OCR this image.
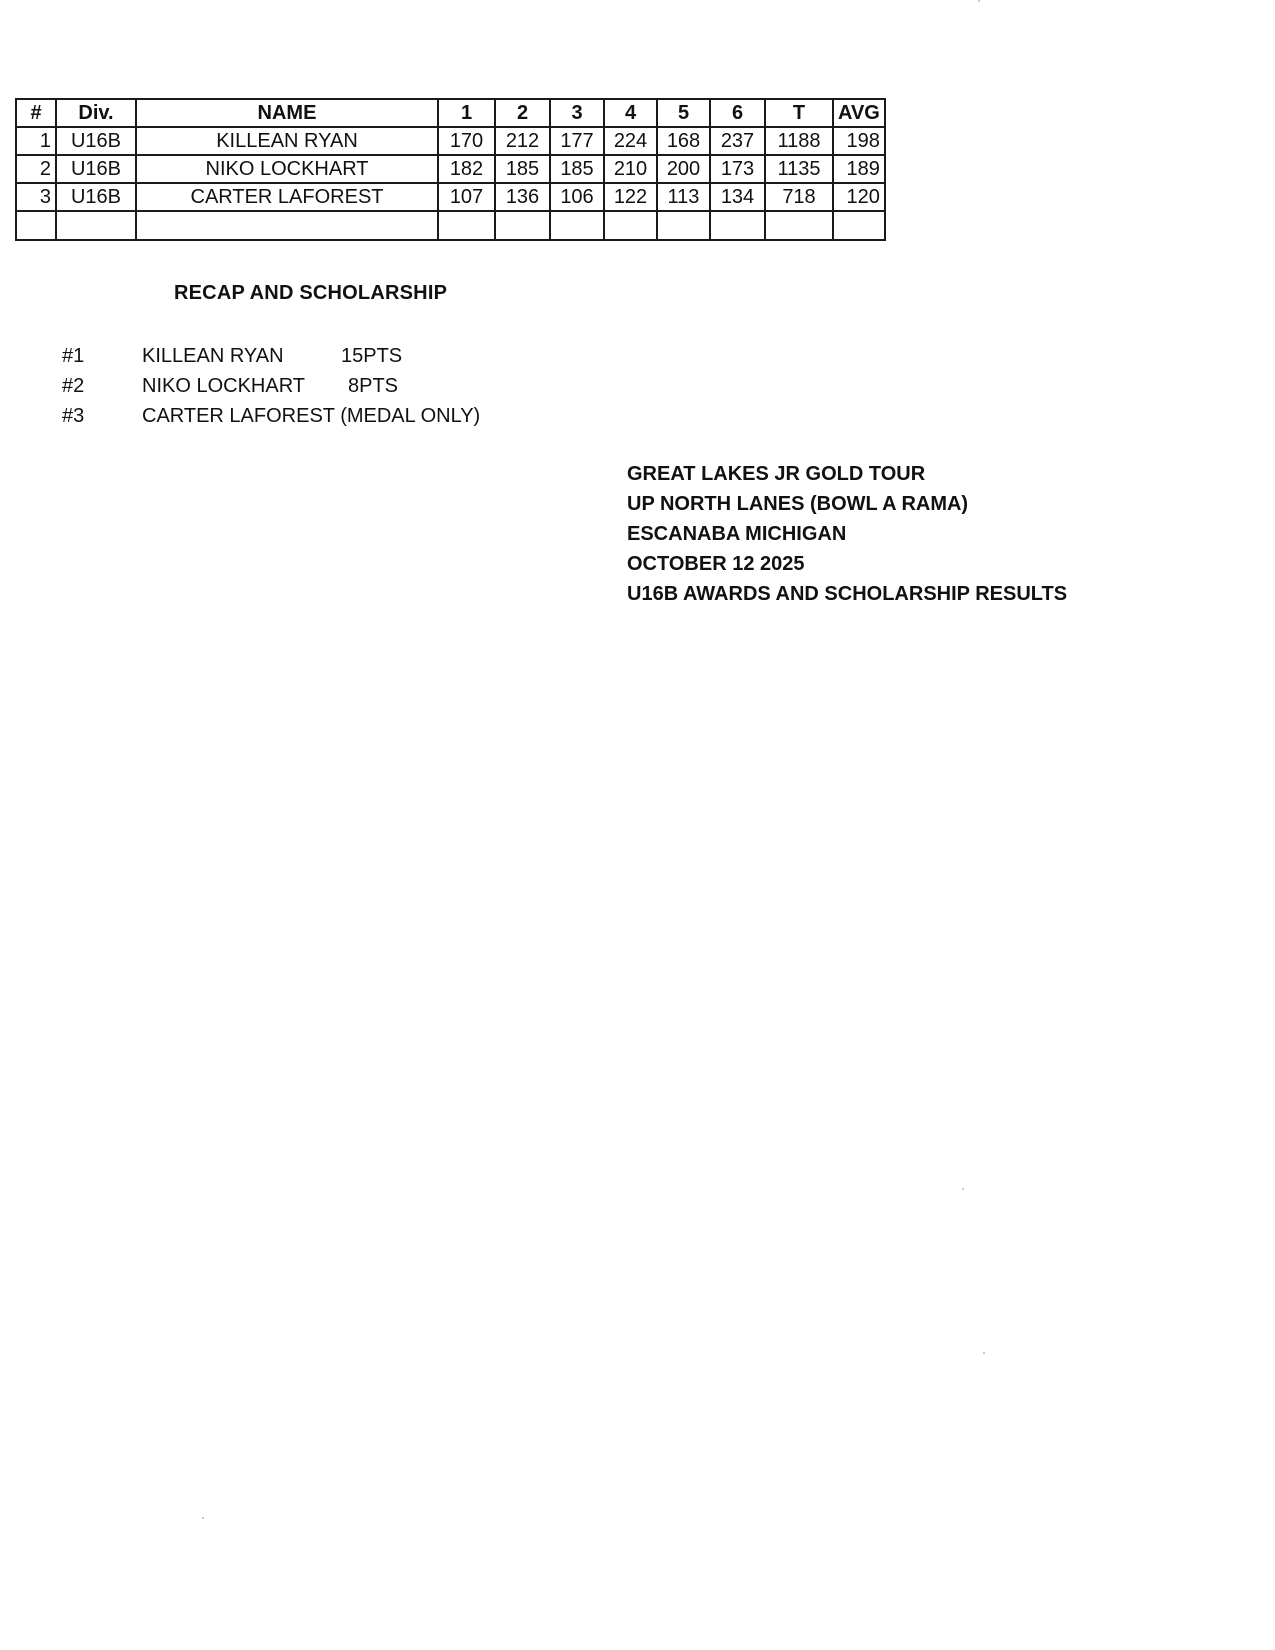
#	Div.	NAME	1	2	3	4	5	6	T	AVG
1	U16B	KILLEAN RYAN	170	212	177	224	168	237	1188	198
2	U16B	NIKO LOCKHART	182	185	185	210	200	173	1135	189
3	U16B	CARTER LAFOREST	107	136	106	122	113	134	718	120

RECAP AND SCHOLARSHIP
#1	KILLEAN RYAN	15PTS
#2	NIKO LOCKHART 8PTS
#3	CARTER LAFOREST (MEDAL ONLY)
GREAT LAKES JR GOLD TOUR
UP NORTH LANES (BOWL A RAMA)
ESCANABA MICHIGAN
OCTOBER 12 2025
U16B AWARDS AND SCHOLARSHIP RESULTS
